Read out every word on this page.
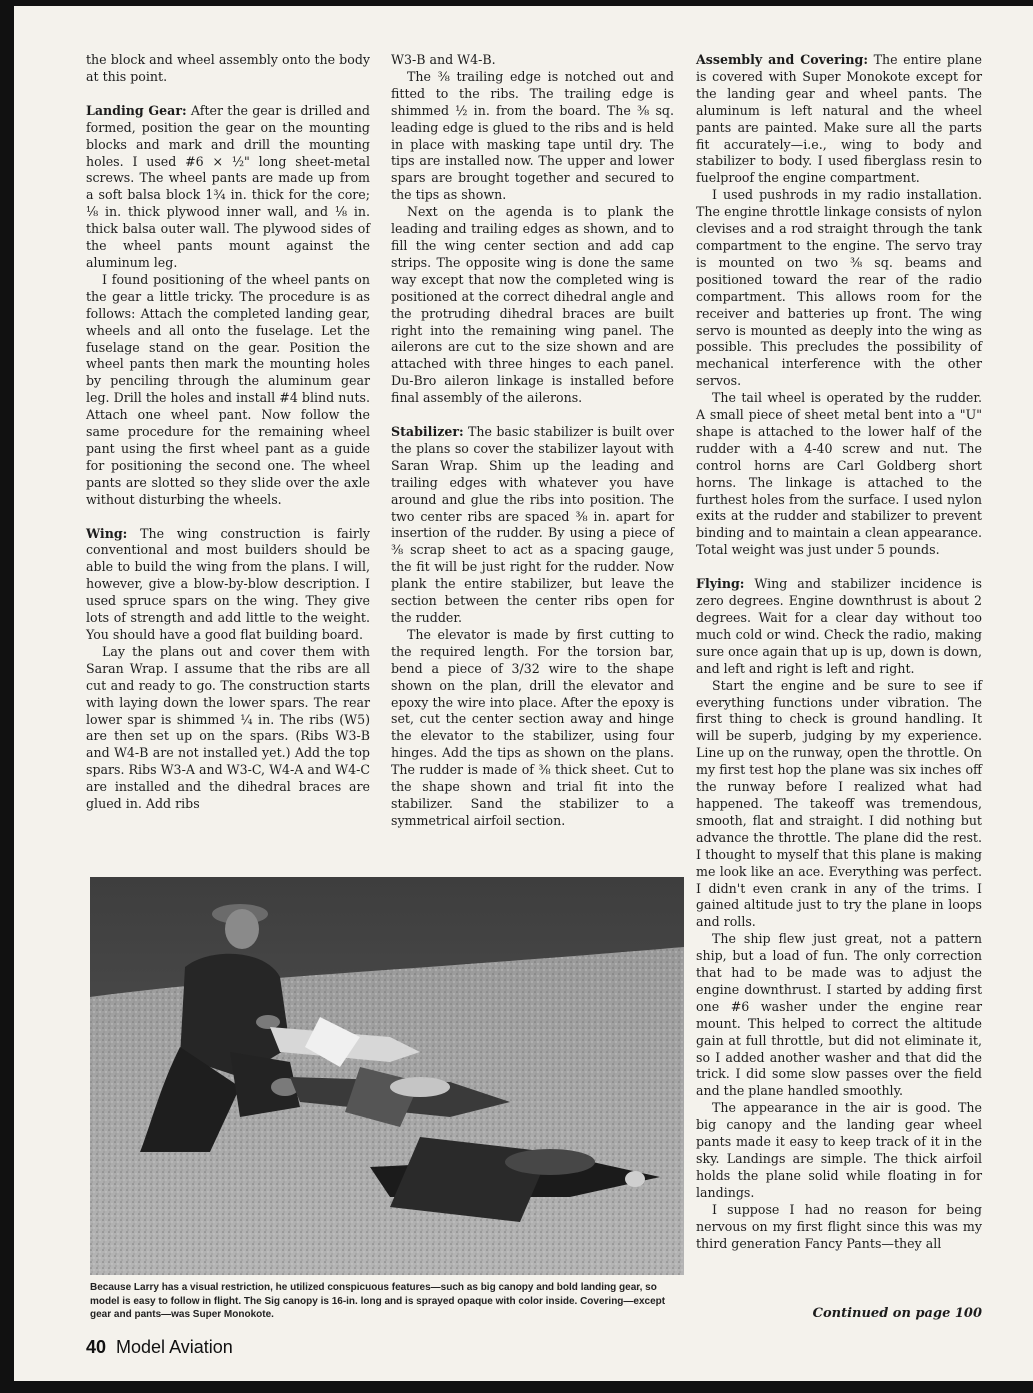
the block and wheel assembly onto the body at this point.

Landing Gear: After the gear is drilled and formed, position the gear on the mounting blocks and mark and drill the mounting holes. I used #6 × ½" long sheet-metal screws. The wheel pants are made up from a soft balsa block 1¾ in. thick for the core; ⅛ in. thick plywood inner wall, and ⅛ in. thick balsa outer wall. The plywood sides of the wheel pants mount against the aluminum leg.

I found positioning of the wheel pants on the gear a little tricky. The procedure is as follows: Attach the completed landing gear, wheels and all onto the fuselage. Let the fuselage stand on the gear. Position the wheel pants then mark the mounting holes by penciling through the aluminum gear leg. Drill the holes and install #4 blind nuts. Attach one wheel pant. Now follow the same procedure for the remaining wheel pant using the first wheel pant as a guide for positioning the second one. The wheel pants are slotted so they slide over the axle without disturbing the wheels.

Wing: The wing construction is fairly conventional and most builders should be able to build the wing from the plans. I will, however, give a blow-by-blow description. I used spruce spars on the wing. They give lots of strength and add little to the weight. You should have a good flat building board.

Lay the plans out and cover them with Saran Wrap. I assume that the ribs are all cut and ready to go. The construction starts with laying down the lower spars. The rear lower spar is shimmed ¼ in. The ribs (W5) are then set up on the spars. (Ribs W3-B and W4-B are not installed yet.) Add the top spars. Ribs W3-A and W3-C, W4-A and W4-C are installed and the dihedral braces are glued in. Add ribs

W3-B and W4-B.

The ⅜ trailing edge is notched out and fitted to the ribs. The trailing edge is shimmed ½ in. from the board. The ⅜ sq. leading edge is glued to the ribs and is held in place with masking tape until dry. The tips are installed now. The upper and lower spars are brought together and secured to the tips as shown.

Next on the agenda is to plank the leading and trailing edges as shown, and to fill the wing center section and add cap strips. The opposite wing is done the same way except that now the completed wing is positioned at the correct dihedral angle and the protruding dihedral braces are built right into the remaining wing panel. The ailerons are cut to the size shown and are attached with three hinges to each panel. Du-Bro aileron linkage is installed before final assembly of the ailerons.

Stabilizer: The basic stabilizer is built over the plans so cover the stabilizer layout with Saran Wrap. Shim up the leading and trailing edges with whatever you have around and glue the ribs into position. The two center ribs are spaced ⅜ in. apart for insertion of the rudder. By using a piece of ⅜ scrap sheet to act as a spacing gauge, the fit will be just right for the rudder. Now plank the entire stabilizer, but leave the section between the center ribs open for the rudder.

The elevator is made by first cutting to the required length. For the torsion bar, bend a piece of 3/32 wire to the shape shown on the plan, drill the elevator and epoxy the wire into place. After the epoxy is set, cut the center section away and hinge the elevator to the stabilizer, using four hinges. Add the tips as shown on the plans. The rudder is made of ⅜ thick sheet. Cut to the shape shown and trial fit into the stabilizer. Sand the stabilizer to a symmetrical airfoil section.

Assembly and Covering: The entire plane is covered with Super Monokote except for the landing gear and wheel pants. The aluminum is left natural and the wheel pants are painted. Make sure all the parts fit accurately—i.e., wing to body and stabilizer to body. I used fiberglass resin to fuelproof the engine compartment.

I used pushrods in my radio installation. The engine throttle linkage consists of nylon clevises and a rod straight through the tank compartment to the engine. The servo tray is mounted on two ⅜ sq. beams and positioned toward the rear of the radio compartment. This allows room for the receiver and batteries up front. The wing servo is mounted as deeply into the wing as possible. This precludes the possibility of mechanical interference with the other servos.

The tail wheel is operated by the rudder. A small piece of sheet metal bent into a "U" shape is attached to the lower half of the rudder with a 4-40 screw and nut. The control horns are Carl Goldberg short horns. The linkage is attached to the furthest holes from the surface. I used nylon exits at the rudder and stabilizer to prevent binding and to maintain a clean appearance. Total weight was just under 5 pounds.

Flying: Wing and stabilizer incidence is zero degrees. Engine downthrust is about 2 degrees. Wait for a clear day without too much cold or wind. Check the radio, making sure once again that up is up, down is down, and left and right is left and right.

Start the engine and be sure to see if everything functions under vibration. The first thing to check is ground handling. It will be superb, judging by my experience. Line up on the runway, open the throttle. On my first test hop the plane was six inches off the runway before I realized what had happened. The takeoff was tremendous, smooth, flat and straight. I did nothing but advance the throttle. The plane did the rest. I thought to myself that this plane is making me look like an ace. Everything was perfect. I didn't even crank in any of the trims. I gained altitude just to try the plane in loops and rolls.

The ship flew just great, not a pattern ship, but a load of fun. The only correction that had to be made was to adjust the engine downthrust. I started by adding first one #6 washer under the engine rear mount. This helped to correct the altitude gain at full throttle, but did not eliminate it, so I added another washer and that did the trick. I did some slow passes over the field and the plane handled smoothly.

The appearance in the air is good. The big canopy and the landing gear wheel pants made it easy to keep track of it in the sky. Landings are simple. The thick airfoil holds the plane solid while floating in for landings.

I suppose I had no reason for being nervous on my first flight since this was my third generation Fancy Pants—they all

Because Larry has a visual restriction, he utilized conspicuous features—such as big canopy and bold landing gear, so model is easy to follow in flight. The Sig canopy is 16-in. long and is sprayed opaque with color inside. Covering—except gear and pants—was Super Monokote.	Continued on page 100
40 Model Aviation
